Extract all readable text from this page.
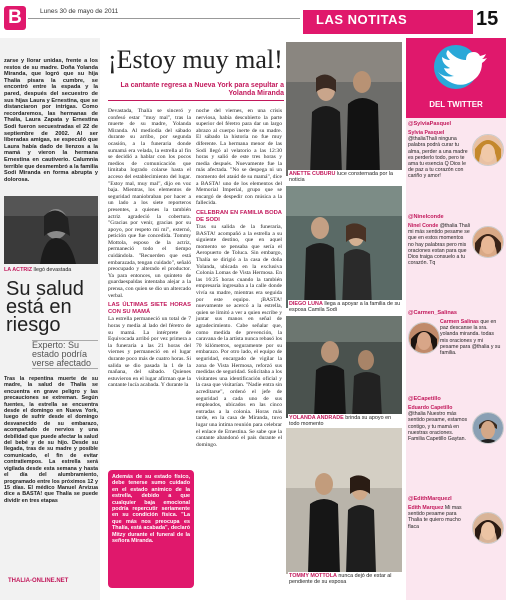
B	Lunes 30 de mayo de 2011
LAS NOTITAS	15
zarse y llorar unidas, frente a los restos de su madre. Doña Yolanda Miranda, que logró que su hija Thalía pisara la cumbre, se encontró entre la espada y la pared, después del secuestro de sus hijas Laura y Ernestina, que se distanciaron por intrigas. Como recordaremos, las hermanas de Thalía, Laura Zapata y Ernestina Sodi fueron secuestradas el 22 de septiembre de 2002. Al ser liberadas amigas, se especuló que Laura había dado de lienzos a la mamá y vieron la hermana Ernestina en cautiverio. Calumnia terrible que desmembró a la familia Sodi Miranda en forma abrupta y dolorosa.
LA ACTRIZ llegó devastada
Su salud está en riesgo
Experto: Su estado podría verse afectado
Tras la repentina muerte de su madre, la salud de Thalía se encuentra en grave peligro y las precauciones se extreman. Según fuentes, la estrella se encuentra desde el domingo en Nueva York, luego de sufrir desde el domingo desvanecido de su embarazo, acompañado de nervios y una debilidad que puede afectar la salud del bebé y de su hijo. Desde su llegada, tras de su madre y posible comunicado, el fin de evitar contratiempos. La estrella será vigilada desde esta semana y hasta el día del alumbramiento, programado entre los próximos 12 y 15 días. El médico Manuel Arvizua dice a BASTA! que Thalía se puede dividir en tres etapas
THALIA-ONLINE.NET
¡Estoy muy mal!
La cantante regresa a Nueva York para sepultar a Yolanda Miranda

Devastada, Thalía se sinceró y confesó estar "muy mal", tras la muerte de su madre, Yolanda Miranda. Al mediodía del sábado durante su arribo, por segunda ocasión, a la funeraria donde sumamá era velada, la estrella al fin se decidió a hablar con los pocos medios de comunicación que limitaba logrado colarse hasta el acceso del establecimiento del lugar. "Estoy mal, muy mal", dijo en voz baja. Mientras, los elementos de seguridad maniobraban por hacer a un lado a los siete reporteros presentes, a quienes la también actriz agradeció la cobertura. "Gracias por venir, gracias por su apoyo, por respeto mi mi", externó, petición que fue concedida. Tommy Mottola, esposo de la actriz, permaneció todo el tiempo cuidándola. "Recuerden que está embarazada, tengan cuidado", señaló preocupado y alterado el productor. Ya para entonces, un quinteto de guardaespaldas intentaba alejar a la prensa, con quien se dio un altercado verbal.

LAS ÚLTIMAS SIETE HORAS CON SU MAMÁ

La estrella permaneció un total de 7 horas y media al lado del féretro de su mamá. La intérprete de Equivocada arribó por vez primera a la funeraria a las 21 horas del viernes y permaneció en el lugar durante poco más de cuatro horas. Si salida se dio pasada la 1 de la mañana, del sábado. Quienes estuvieron en el lugar afirman que la cantante lucía acabada. Y durante la

noche del viernes, en una crisis nerviosa, había descubierto la parte superior del féretro para dar un largo abrazo al cuerpo inerte de su madre. El sábado la historia no fue muy diferente. La hermana menor de las Sodi llegó al velatorio a las 12:30 horas y salió de este tres horas y media después. Nuevamente fue la más afectada. "No se despega ni un momento del ataúd de su mamá", dice a BASTA! uno de los elementos del Memorial Imperial, grupo que se encargó de despedir con música a la fallecida.

CELEBRAN EN FAMILIA BODA DE SODI

Tras su salida de la funeraria, BASTA! acompañó a la estrella a su siguiente destino, que en aquel momento se pensaba que sería el Aeropuerto de Toluca. Sin embargo, Thalía se dirigió a la casa de doña Yolanda, ubicada en la exclusiva Colonia Lomas de Vista Hermosa. En las 16:25 horas cuando la también empresaria ingresaba a la calle donde vivía su madre, mientras era seguida por este equipo. ¡BASTA! nuevamente se acercó a la estrella, quien se limitó a ver a quien escribe y juntar sus manos en señal de agradecimiento. Cabe señalar que, como medida de prevención, la caravana de la artista nunca rebasó los 70 kilómetros, seguramente por su embarazo. Por otro lado, el equipo de seguridad, encargado de vigilar la zona de Vista Hermosa, reforzó sus medidas de seguridad. Solicitaba a los visitantes una identificación oficial y la casa que visitarían. "Nadie entra sin acreditarse", ordenó el jefe de seguridad a cada uno de sus empleados, ubicados en las cinco entradas a la colonia. Horas más tarde, en la casa de Miranda, tuvo lugar una íntima reunión para celebrar el enlace de Ernestina. Se sabe que la cantante abandonó el país durante el domingo.

Además de su estado físico, debe tenerse sumo cuidado en el estado anímico de la estrella, debido a que cualquier baja emocional podría repercutir seriamente en su condición física. "La que más nos preocupa es Thalía, está acabada", declaró Mitzy durante el funeral de la señora Miranda.
ANETTE CUBURU luce consternada por la noticia
DIEGO LUNA llega a apoyar a la familia de su esposa Camila Sodi
YOLANDA ANDRADE brinda su apoyo en todo momento
TOMMY MOTTOLA nunca dejó de estar al pendiente de su esposa
DEL TWITTER
@SylviaPasquel
Sylvia Pasquel @thaliaThali ninguna palabra podrá curar tu alma, perder a una madre es perderlo todo, pero te ama tu esencia Q Dios le de paz a tu corazón con cariño y amor!
@Ninelconde
Ninel Conde @thalia Thali mi más sentido pesame se que en estos momentos no hay palabras pero mis oraciones estan para que Dios traiga consuelo a tu corazón. Tq
@Carmen_Salinas
Carmen Salinas que en paz descanse la sra. yolanda miranda. todas mis oraciones y mi pesame para @thalia y su familia.
@ECapetillo
Eduardo Capetillo @thalia Nuestro más sentido pesame, estamos contigo, y tu mamá en nuestras oraciones. Familia Capetillo Gaytan.
@EdithMarquezI
Edith Marquez Mi mas sentido pesame para Thalia te quiero mucho flaca
